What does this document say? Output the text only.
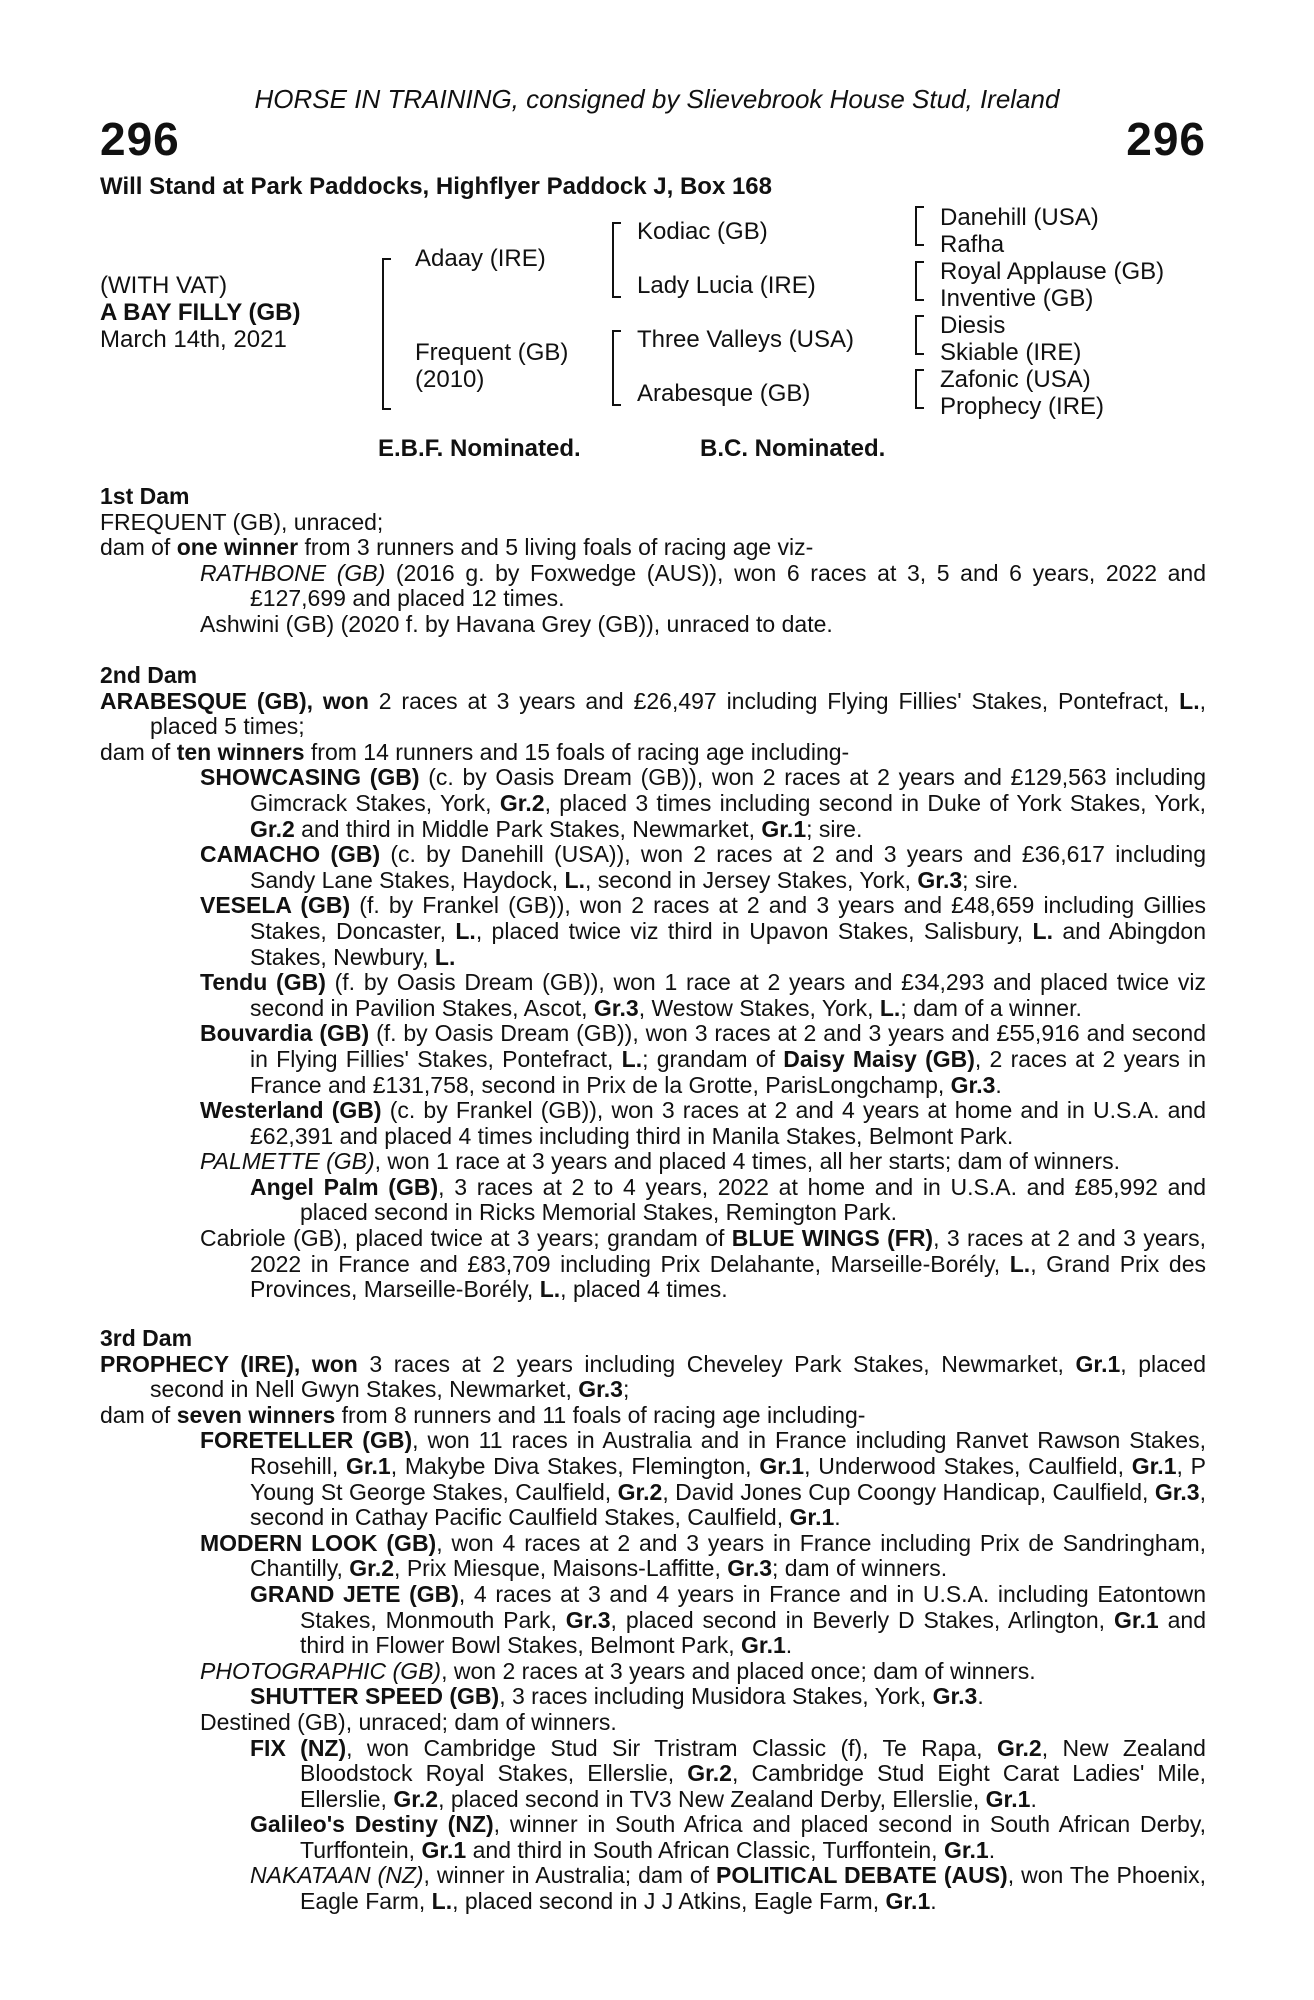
HORSE IN TRAINING, consigned by Slievebrook House Stud, Ireland
296	296
Will Stand at Park Paddocks, Highflyer Paddock J, Box 168
(WITH VAT)
A BAY FILLY (GB)
March 14th, 2021
Adaay (IRE)
Frequent (GB)
(2010)
Kodiac (GB)
Lady Lucia (IRE)
Three Valleys (USA)
Arabesque (GB)
Danehill (USA)
Rafha
Royal Applause (GB)
Inventive (GB)
Diesis
Skiable (IRE)
Zafonic (USA)
Prophecy (IRE)
E.B.F. Nominated.	B.C. Nominated.

1st Dam

FREQUENT (GB), unraced;

dam of one winner from 3 runners and 5 living foals of racing age viz-

RATHBONE (GB) (2016 g. by Foxwedge (AUS)), won 6 races at 3, 5 and 6 years, 2022 and £127,699 and placed 12 times.

Ashwini (GB) (2020 f. by Havana Grey (GB)), unraced to date.

2nd Dam

ARABESQUE (GB), won 2 races at 3 years and £26,497 including Flying Fillies' Stakes, Pontefract, L., placed 5 times;

dam of ten winners from 14 runners and 15 foals of racing age including-

SHOWCASING (GB) (c. by Oasis Dream (GB)), won 2 races at 2 years and £129,563 including Gimcrack Stakes, York, Gr.2, placed 3 times including second in Duke of York Stakes, York, Gr.2 and third in Middle Park Stakes, Newmarket, Gr.1; sire.

CAMACHO (GB) (c. by Danehill (USA)), won 2 races at 2 and 3 years and £36,617 including Sandy Lane Stakes, Haydock, L., second in Jersey Stakes, York, Gr.3; sire.

VESELA (GB) (f. by Frankel (GB)), won 2 races at 2 and 3 years and £48,659 including Gillies Stakes, Doncaster, L., placed twice viz third in Upavon Stakes, Salisbury, L. and Abingdon Stakes, Newbury, L.

Tendu (GB) (f. by Oasis Dream (GB)), won 1 race at 2 years and £34,293 and placed twice viz second in Pavilion Stakes, Ascot, Gr.3, Westow Stakes, York, L.; dam of a winner.

Bouvardia (GB) (f. by Oasis Dream (GB)), won 3 races at 2 and 3 years and £55,916 and second in Flying Fillies' Stakes, Pontefract, L.; grandam of Daisy Maisy (GB), 2 races at 2 years in France and £131,758, second in Prix de la Grotte, ParisLongchamp, Gr.3.

Westerland (GB) (c. by Frankel (GB)), won 3 races at 2 and 4 years at home and in U.S.A. and £62,391 and placed 4 times including third in Manila Stakes, Belmont Park.

PALMETTE (GB), won 1 race at 3 years and placed 4 times, all her starts; dam of winners.

Angel Palm (GB), 3 races at 2 to 4 years, 2022 at home and in U.S.A. and £85,992 and placed second in Ricks Memorial Stakes, Remington Park.

Cabriole (GB), placed twice at 3 years; grandam of BLUE WINGS (FR), 3 races at 2 and 3 years, 2022 in France and £83,709 including Prix Delahante, Marseille-Borély, L., Grand Prix des Provinces, Marseille-Borély, L., placed 4 times.

3rd Dam

PROPHECY (IRE), won 3 races at 2 years including Cheveley Park Stakes, Newmarket, Gr.1, placed second in Nell Gwyn Stakes, Newmarket, Gr.3;

dam of seven winners from 8 runners and 11 foals of racing age including-

FORETELLER (GB), won 11 races in Australia and in France including Ranvet Rawson Stakes, Rosehill, Gr.1, Makybe Diva Stakes, Flemington, Gr.1, Underwood Stakes, Caulfield, Gr.1, P Young St George Stakes, Caulfield, Gr.2, David Jones Cup Coongy Handicap, Caulfield, Gr.3, second in Cathay Pacific Caulfield Stakes, Caulfield, Gr.1.

MODERN LOOK (GB), won 4 races at 2 and 3 years in France including Prix de Sandringham, Chantilly, Gr.2, Prix Miesque, Maisons-Laffitte, Gr.3; dam of winners.

GRAND JETE (GB), 4 races at 3 and 4 years in France and in U.S.A. including Eatontown Stakes, Monmouth Park, Gr.3, placed second in Beverly D Stakes, Arlington, Gr.1 and third in Flower Bowl Stakes, Belmont Park, Gr.1.

PHOTOGRAPHIC (GB), won 2 races at 3 years and placed once; dam of winners.

SHUTTER SPEED (GB), 3 races including Musidora Stakes, York, Gr.3.

Destined (GB), unraced; dam of winners.

FIX (NZ), won Cambridge Stud Sir Tristram Classic (f), Te Rapa, Gr.2, New Zealand Bloodstock Royal Stakes, Ellerslie, Gr.2, Cambridge Stud Eight Carat Ladies' Mile, Ellerslie, Gr.2, placed second in TV3 New Zealand Derby, Ellerslie, Gr.1.

Galileo's Destiny (NZ), winner in South Africa and placed second in South African Derby, Turffontein, Gr.1 and third in South African Classic, Turffontein, Gr.1.

NAKATAAN (NZ), winner in Australia; dam of POLITICAL DEBATE (AUS), won The Phoenix, Eagle Farm, L., placed second in J J Atkins, Eagle Farm, Gr.1.
